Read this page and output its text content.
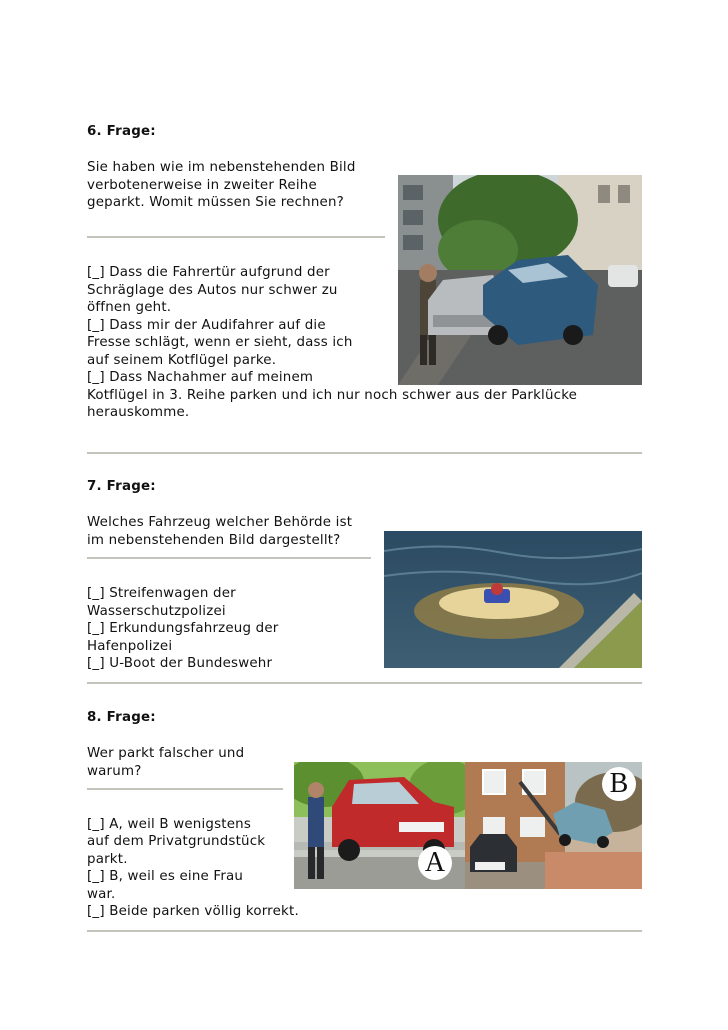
6. Frage:
Sie haben wie im nebenstehenden Bild
verbotenerweise in zweiter Reihe
geparkt. Womit müssen Sie rechnen?
[_] Dass die Fahrertür aufgrund der
Schräglage des Autos nur schwer zu
öffnen geht.
[_] Dass mir der Audifahrer auf die
Fresse schlägt, wenn er sieht, dass ich
auf seinem Kotflügel parke.
[_] Dass Nachahmer auf meinem
Kotflügel in 3. Reihe parken und ich nur noch schwer aus der Parklücke
herauskomme.
7. Frage:
Welches Fahrzeug welcher Behörde ist
im nebenstehenden Bild dargestellt?
[_] Streifenwagen der
Wasserschutzpolizei
[_] Erkundungsfahrzeug der
Hafenpolizei
[_] U-Boot der Bundeswehr
8. Frage:
Wer parkt falscher und
warum?
[_] A, weil B wenigstens
auf dem Privatgrundstück
parkt.
[_] B, weil es eine Frau
war.
[_] Beide parken völlig korrekt.
A
B
